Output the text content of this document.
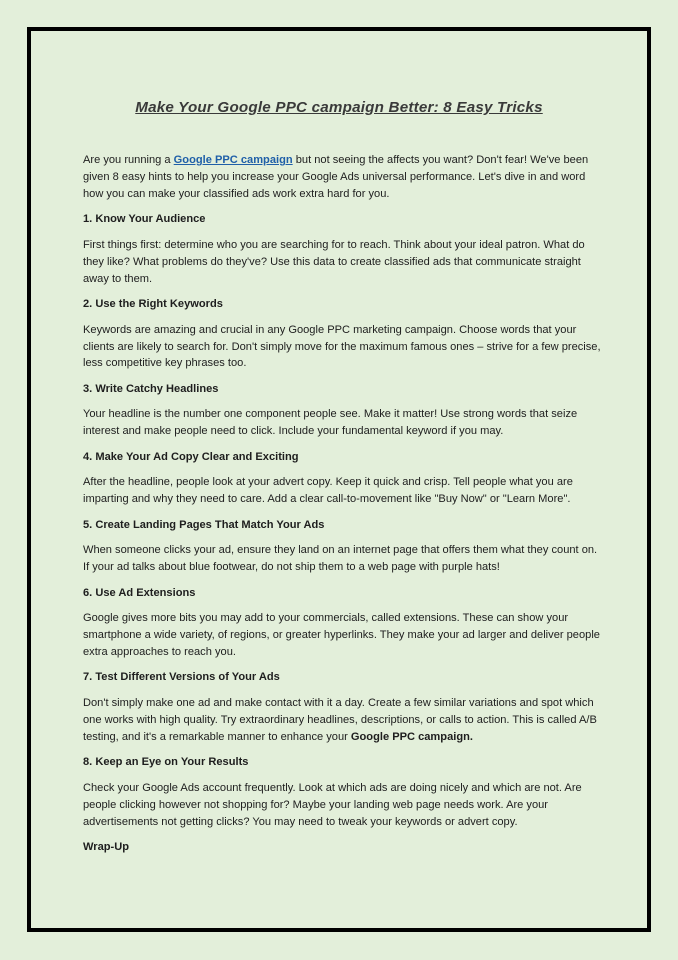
Make Your Google PPC campaign Better: 8 Easy Tricks

Are you running a Google PPC campaign but not seeing the affects you want? Don't fear! We've been given 8 easy hints to help you increase your Google Ads universal performance. Let's dive in and word how you can make your classified ads work extra hard for you.

1. Know Your Audience

First things first: determine who you are searching for to reach. Think about your ideal patron. What do they like? What problems do they've? Use this data to create classified ads that communicate straight away to them.

2. Use the Right Keywords

Keywords are amazing and crucial in any Google PPC marketing campaign. Choose words that your clients are likely to search for. Don't simply move for the maximum famous ones – strive for a few precise, less competitive key phrases too.

3. Write Catchy Headlines

Your headline is the number one component people see. Make it matter! Use strong words that seize interest and make people need to click. Include your fundamental keyword if you may.

4. Make Your Ad Copy Clear and Exciting

After the headline, people look at your advert copy. Keep it quick and crisp. Tell people what you are imparting and why they need to care. Add a clear call-to-movement like "Buy Now" or "Learn More".

5. Create Landing Pages That Match Your Ads

When someone clicks your ad, ensure they land on an internet page that offers them what they count on. If your ad talks about blue footwear, do not ship them to a web page with purple hats!

6. Use Ad Extensions

Google gives more bits you may add to your commercials, called extensions. These can show your smartphone a wide variety, of regions, or greater hyperlinks. They make your ad larger and deliver people extra approaches to reach you.

7. Test Different Versions of Your Ads

Don't simply make one ad and make contact with it a day. Create a few similar variations and spot which one works with high quality. Try extraordinary headlines, descriptions, or calls to action. This is called A/B testing, and it's a remarkable manner to enhance your Google PPC campaign.

8. Keep an Eye on Your Results

Check your Google Ads account frequently. Look at which ads are doing nicely and which are not. Are people clicking however not shopping for? Maybe your landing web page needs work. Are your advertisements not getting clicks? You may need to tweak your keywords or advert copy.

Wrap-Up
